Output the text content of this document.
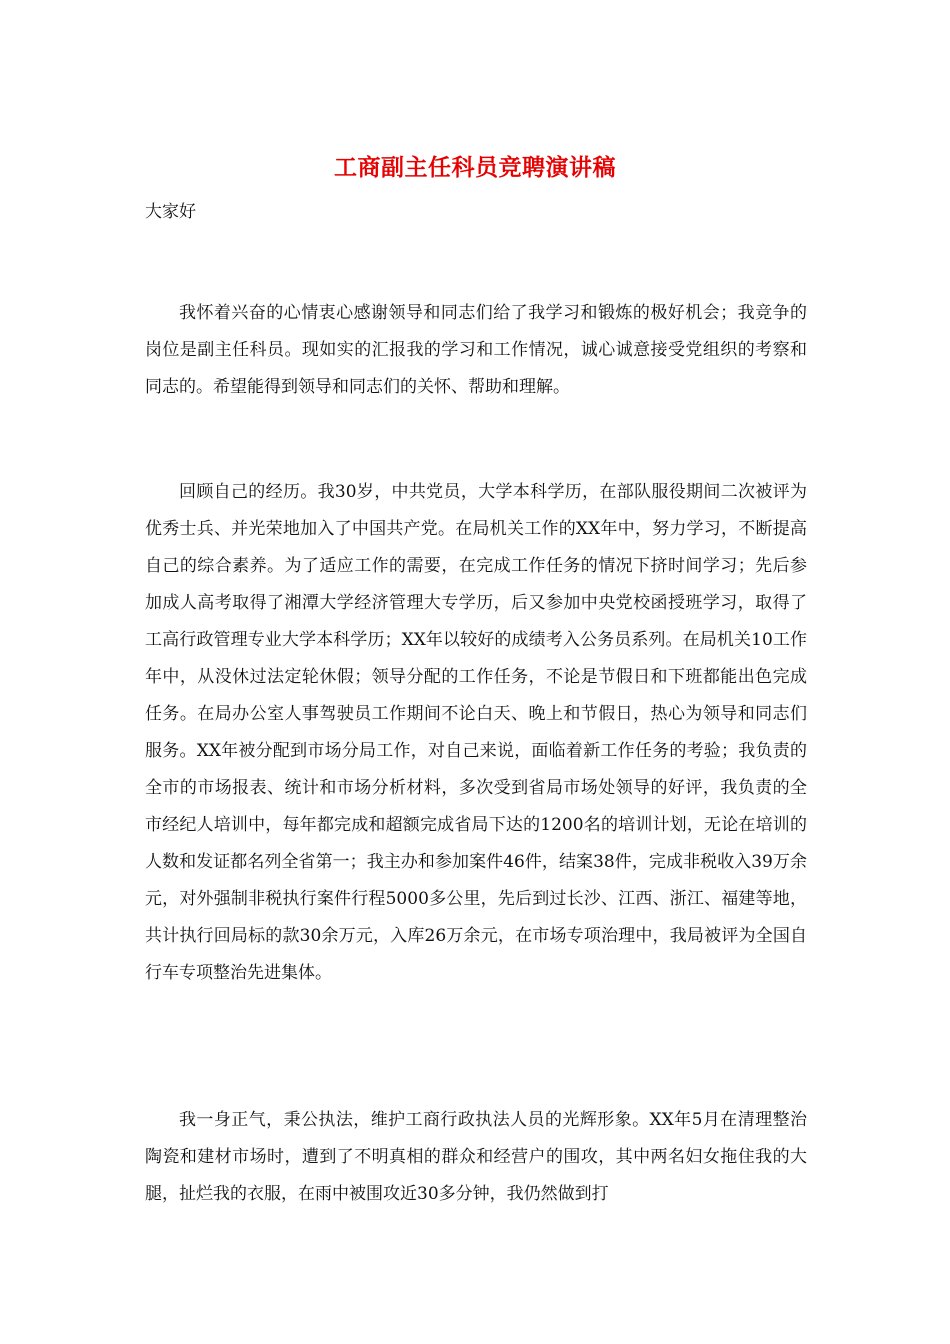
工商副主任科员竞聘演讲稿
大家好

我怀着兴奋的心情衷心感谢领导和同志们给了我学习和锻炼的极好机会；我竞争的岗位是副主任科员。现如实的汇报我的学习和工作情况，诚心诚意接受党组织的考察和同志的。希望能得到领导和同志们的关怀、帮助和理解。

回顾自己的经历。我30岁，中共党员，大学本科学历，在部队服役期间二次被评为优秀士兵、并光荣地加入了中国共产党。在局机关工作的XX年中，努力学习，不断提高自己的综合素养。为了适应工作的需要，在完成工作任务的情况下挤时间学习；先后参加成人高考取得了湘潭大学经济管理大专学历，后又参加中央党校函授班学习，取得了工高行政管理专业大学本科学历；XX年以较好的成绩考入公务员系列。在局机关10工作年中，从没休过法定轮休假；领导分配的工作任务，不论是节假日和下班都能出色完成任务。在局办公室人事驾驶员工作期间不论白天、晚上和节假日，热心为领导和同志们服务。XX年被分配到市场分局工作，对自己来说，面临着新工作任务的考验；我负责的全市的市场报表、统计和市场分析材料，多次受到省局市场处领导的好评，我负责的全市经纪人培训中，每年都完成和超额完成省局下达的1200名的培训计划，无论在培训的人数和发证都名列全省第一；我主办和参加案件46件，结案38件，完成非税收入39万余元，对外强制非税执行案件行程5000多公里，先后到过长沙、江西、浙江、福建等地，共计执行回局标的款30余万元，入库26万余元，在市场专项治理中，我局被评为全国自行车专项整治先进集体。

我一身正气，秉公执法，维护工商行政执法人员的光辉形象。XX年5月在清理整治陶瓷和建材市场时，遭到了不明真相的群众和经营户的围攻，其中两名妇女拖住我的大腿，扯烂我的衣服，在雨中被围攻近30多分钟，我仍然做到打
